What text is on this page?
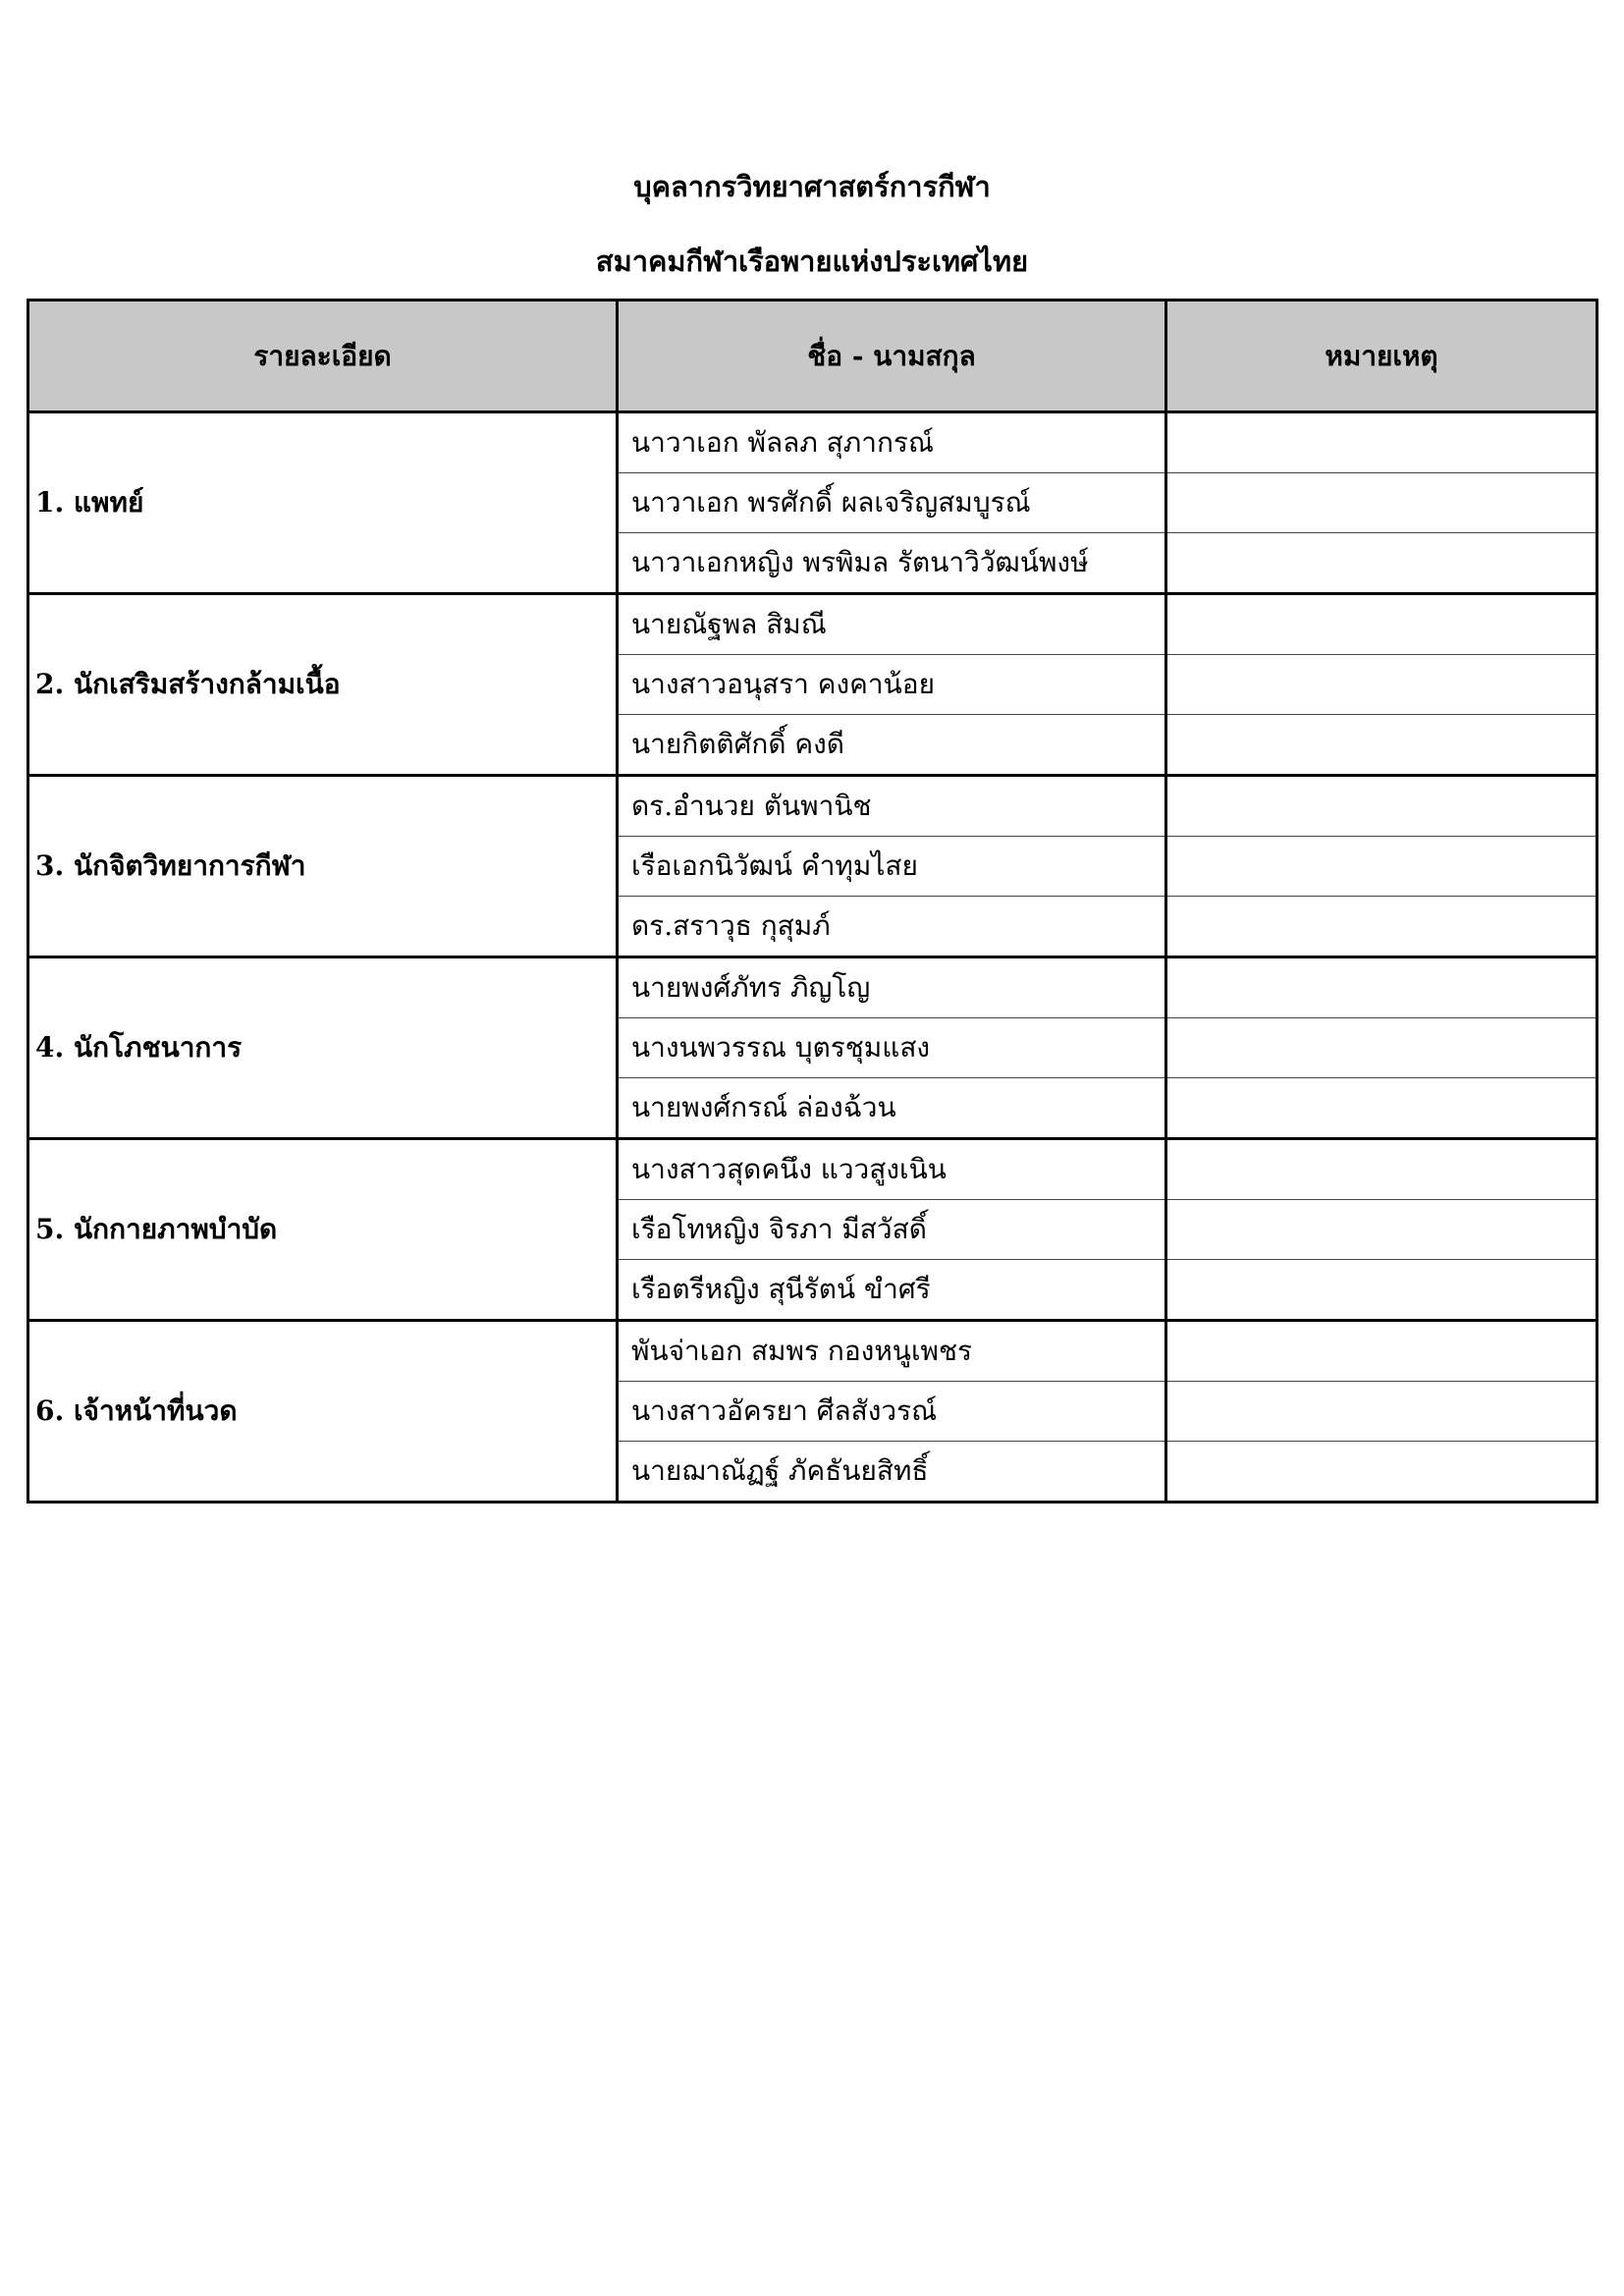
บุคลากรวิทยาศาสตร์การกีฬา
สมาคมกีฬาเรือพายแห่งประเทศไทย
รายละเอียด	ชื่อ - นามสกุล	หมายเหตุ
1. แพทย์	นาวาเอก พัลลภ สุภากรณ์	
	นาวาเอก พรศักดิ์ ผลเจริญสมบูรณ์	
	นาวาเอกหญิง พรพิมล รัตนาวิวัฒน์พงษ์	
2. นักเสริมสร้างกล้ามเนื้อ	นายณัฐพล สิมณี	
	นางสาวอนุสรา คงคาน้อย	
	นายกิตติศักดิ์ คงดี	
3. นักจิตวิทยาการกีฬา	ดร.อำนวย ตันพานิช	
	เรือเอกนิวัฒน์ คำทุมไสย	
	ดร.สราวุธ กุสุมภ์	
4. นักโภชนาการ	นายพงศ์ภัทร ภิญโญ	
	นางนพวรรณ บุตรชุมแสง	
	นายพงศ์กรณ์ ล่องฉ้วน	
5. นักกายภาพบำบัด	นางสาวสุดคนึง แววสูงเนิน	
	เรือโทหญิง จิรภา มีสวัสดิ์	
	เรือตรีหญิง สุนีรัตน์ ขำศรี	
6. เจ้าหน้าที่นวด	พันจ่าเอก สมพร กองหนูเพชร	
	นางสาวอัครยา ศีลสังวรณ์	
	นายฌาณัฏฐ์ ภัคธันยสิทธิ์	
